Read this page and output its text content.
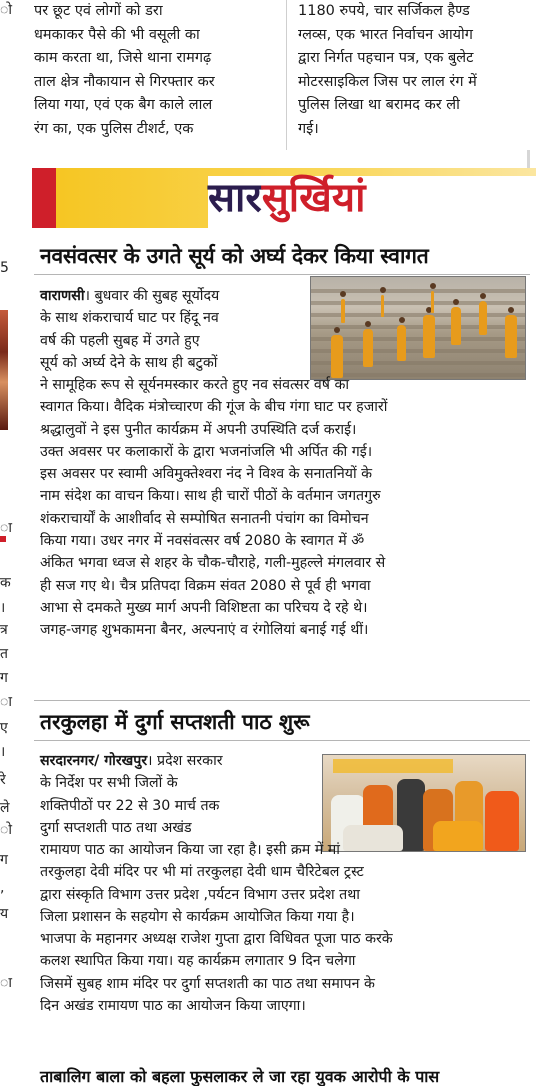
ो
5
ा
क
।
त्र
त
ग
ा
ए
।
रे
ले
ो
ग
,
य
ा
पर छूट एवं लोगों को डरा
धमकाकर पैसे की भी वसूली का
काम करता था, जिसे थाना रामगढ़
ताल क्षेत्र नौकायान से गिरफ्तार कर
लिया गया, एवं एक बैग काले लाल
रंग का, एक पुलिस टीशर्ट, एक
1180 रुपये, चार सर्जिकल हैण्ड
ग्लव्स, एक भारत निर्वाचन आयोग
द्वारा निर्गत पहचान पत्र, एक बुलेट
मोटरसाइकिल जिस पर लाल रंग में
पुलिस लिखा था बरामद कर ली
गई।
सारसुर्खियां
नवसंवत्सर के उगते सूर्य को अर्घ्य देकर किया स्वागत
वाराणसी। बुधवार की सुबह सूर्योदय
के साथ शंकराचार्य घाट पर हिंदू नव
वर्ष की पहली सुबह में उगते हुए
सूर्य को अर्घ्य देने के साथ ही बटुकों
ने सामूहिक रूप से सूर्यनमस्कार करते हुए नव संवत्सर वर्ष का
स्वागत किया। वैदिक मंत्रोच्चारण की गूंज के बीच गंगा घाट पर हजारों
श्रद्धालुवों ने इस पुनीत कार्यक्रम में अपनी उपस्थिति दर्ज कराई।
उक्त अवसर पर कलाकारों के द्वारा भजनांजलि भी अर्पित की गई।
इस अवसर पर स्वामी अविमुक्तेश्वरा नंद ने विश्व के सनातनियों के
नाम संदेश का वाचन किया। साथ ही चारों पीठों के वर्तमान जगतगुरु
शंकराचार्यों के आशीर्वाद से सम्पोषित सनातनी पंचांग का विमोचन
किया गया। उधर नगर में नवसंवत्सर वर्ष 2080 के स्वागत में ॐ
अंकित भगवा ध्वज से शहर के चौक-चौराहे, गली-मुहल्ले मंगलवार से
ही सज गए थे। चैत्र प्रतिपदा विक्रम संवत 2080 से पूर्व ही भगवा
आभा से दमकते मुख्य मार्ग अपनी विशिष्टता का परिचय दे रहे थे।
जगह-जगह शुभकामना बैनर, अल्पनाएं व रंगोलियां बनाई गई थीं।
तरकुलहा में दुर्गा सप्तशती पाठ शुरू
सरदारनगर/ गोरखपुर। प्रदेश सरकार
के निर्देश पर सभी जिलों के
शक्तिपीठों पर 22 से 30 मार्च तक
दुर्गा सप्तशती पाठ तथा अखंड
रामायण पाठ का आयोजन किया जा रहा है। इसी क्रम में मां
तरकुलहा देवी मंदिर पर भी मां तरकुलहा देवी धाम चैरिटेबल ट्रस्ट
द्वारा संस्कृति विभाग उत्तर प्रदेश ,पर्यटन विभाग उत्तर प्रदेश तथा
जिला प्रशासन के सहयोग से कार्यक्रम आयोजित किया गया है।
भाजपा के महानगर अध्यक्ष राजेश गुप्ता द्वारा विधिवत पूजा पाठ करके
कलश स्थापित किया गया। यह कार्यक्रम लगातार 9 दिन चलेगा
जिसमें सुबह शाम मंदिर पर दुर्गा सप्तशती का पाठ तथा समापन के
दिन अखंड रामायण पाठ का आयोजन किया जाएगा।
ताबालिग बाला को बहला फुसलाकर ले जा रहा युवक आरोपी के पास
